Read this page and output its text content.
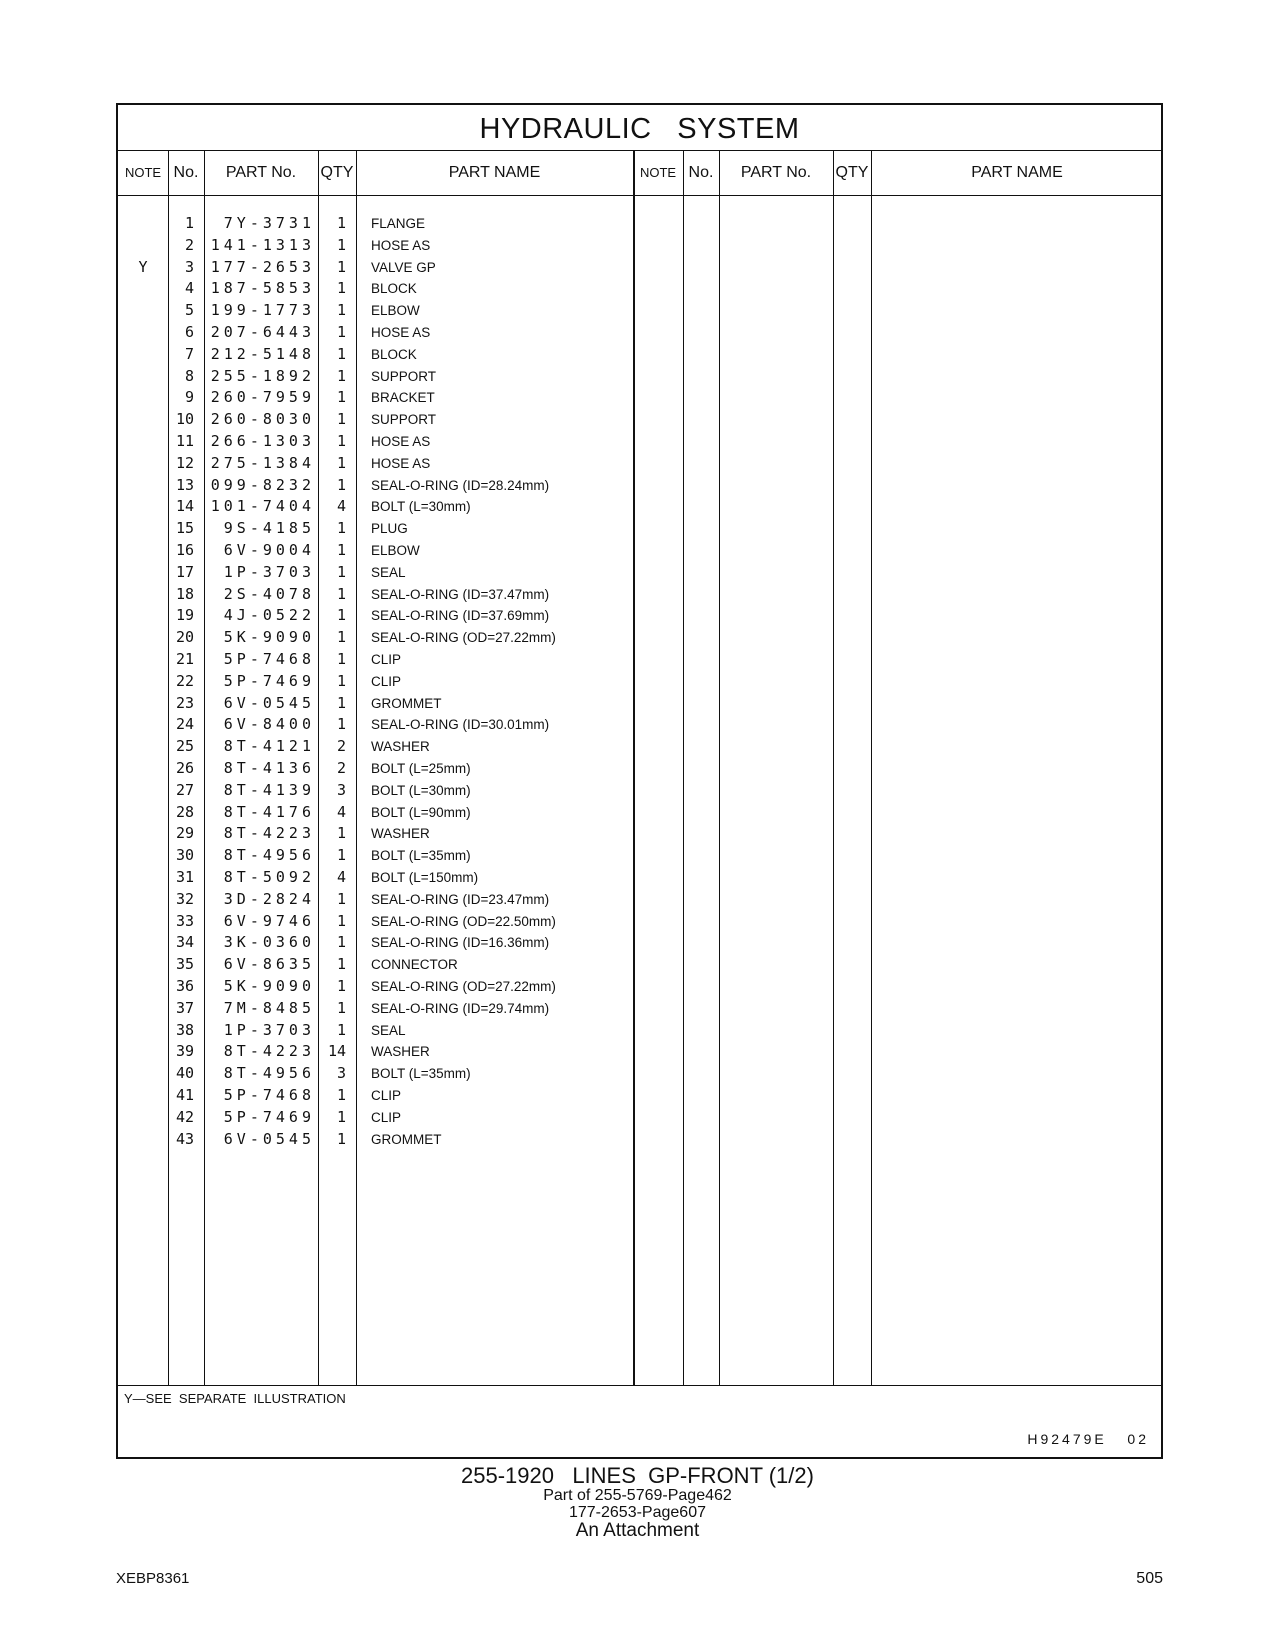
HYDRAULIC   SYSTEM
NOTE No.	PART No.	QTY	PART NAME	NOTE No.	PART No.	QTY	PART NAME
1	7Y-3731	1 FLANGE
2	141-1313	1 HOSE AS
Y	3	177-2653	1 VALVE GP
4	187-5853	1 BLOCK
5	199-1773	1 ELBOW
6	207-6443	1 HOSE AS
7	212-5148	1 BLOCK
8	255-1892	1 SUPPORT
9	260-7959	1 BRACKET
10	260-8030	1 SUPPORT
11	266-1303	1 HOSE AS
12	275-1384	1 HOSE AS
13	099-8232	1 SEAL-O-RING (ID=28.24mm)
14	101-7404	4 BOLT (L=30mm)
15	9S-4185	1 PLUG
16	6V-9004	1 ELBOW
17	1P-3703	1 SEAL
18	2S-4078	1 SEAL-O-RING (ID=37.47mm)
19	4J-0522	1 SEAL-O-RING (ID=37.69mm)
20	5K-9090	1 SEAL-O-RING (OD=27.22mm)
21	5P-7468	1 CLIP
22	5P-7469	1 CLIP
23	6V-0545	1 GROMMET
24	6V-8400	1 SEAL-O-RING (ID=30.01mm)
25	8T-4121	2 WASHER
26	8T-4136	2 BOLT (L=25mm)
27	8T-4139	3 BOLT (L=30mm)
28	8T-4176	4 BOLT (L=90mm)
29	8T-4223	1 WASHER
30	8T-4956	1 BOLT (L=35mm)
31	8T-5092	4 BOLT (L=150mm)
32	3D-2824	1 SEAL-O-RING (ID=23.47mm)
33	6V-9746	1 SEAL-O-RING (OD=22.50mm)
34	3K-0360	1 SEAL-O-RING (ID=16.36mm)
35	6V-8635	1 CONNECTOR
36	5K-9090	1 SEAL-O-RING (OD=27.22mm)
37	7M-8485	1 SEAL-O-RING (ID=29.74mm)
38	1P-3703	1 SEAL
39	8T-4223 14 WASHER
40	8T-4956	3 BOLT (L=35mm)
41	5P-7468	1 CLIP
42	5P-7469	1 CLIP
43	6V-0545	1 GROMMET
Y—SEE  SEPARATE  ILLUSTRATION
H92479E   02
255-1920   LINES  GP-FRONT (1/2)
Part of 255-5769-Page462
177-2653-Page607
An Attachment
XEBP8361	505
